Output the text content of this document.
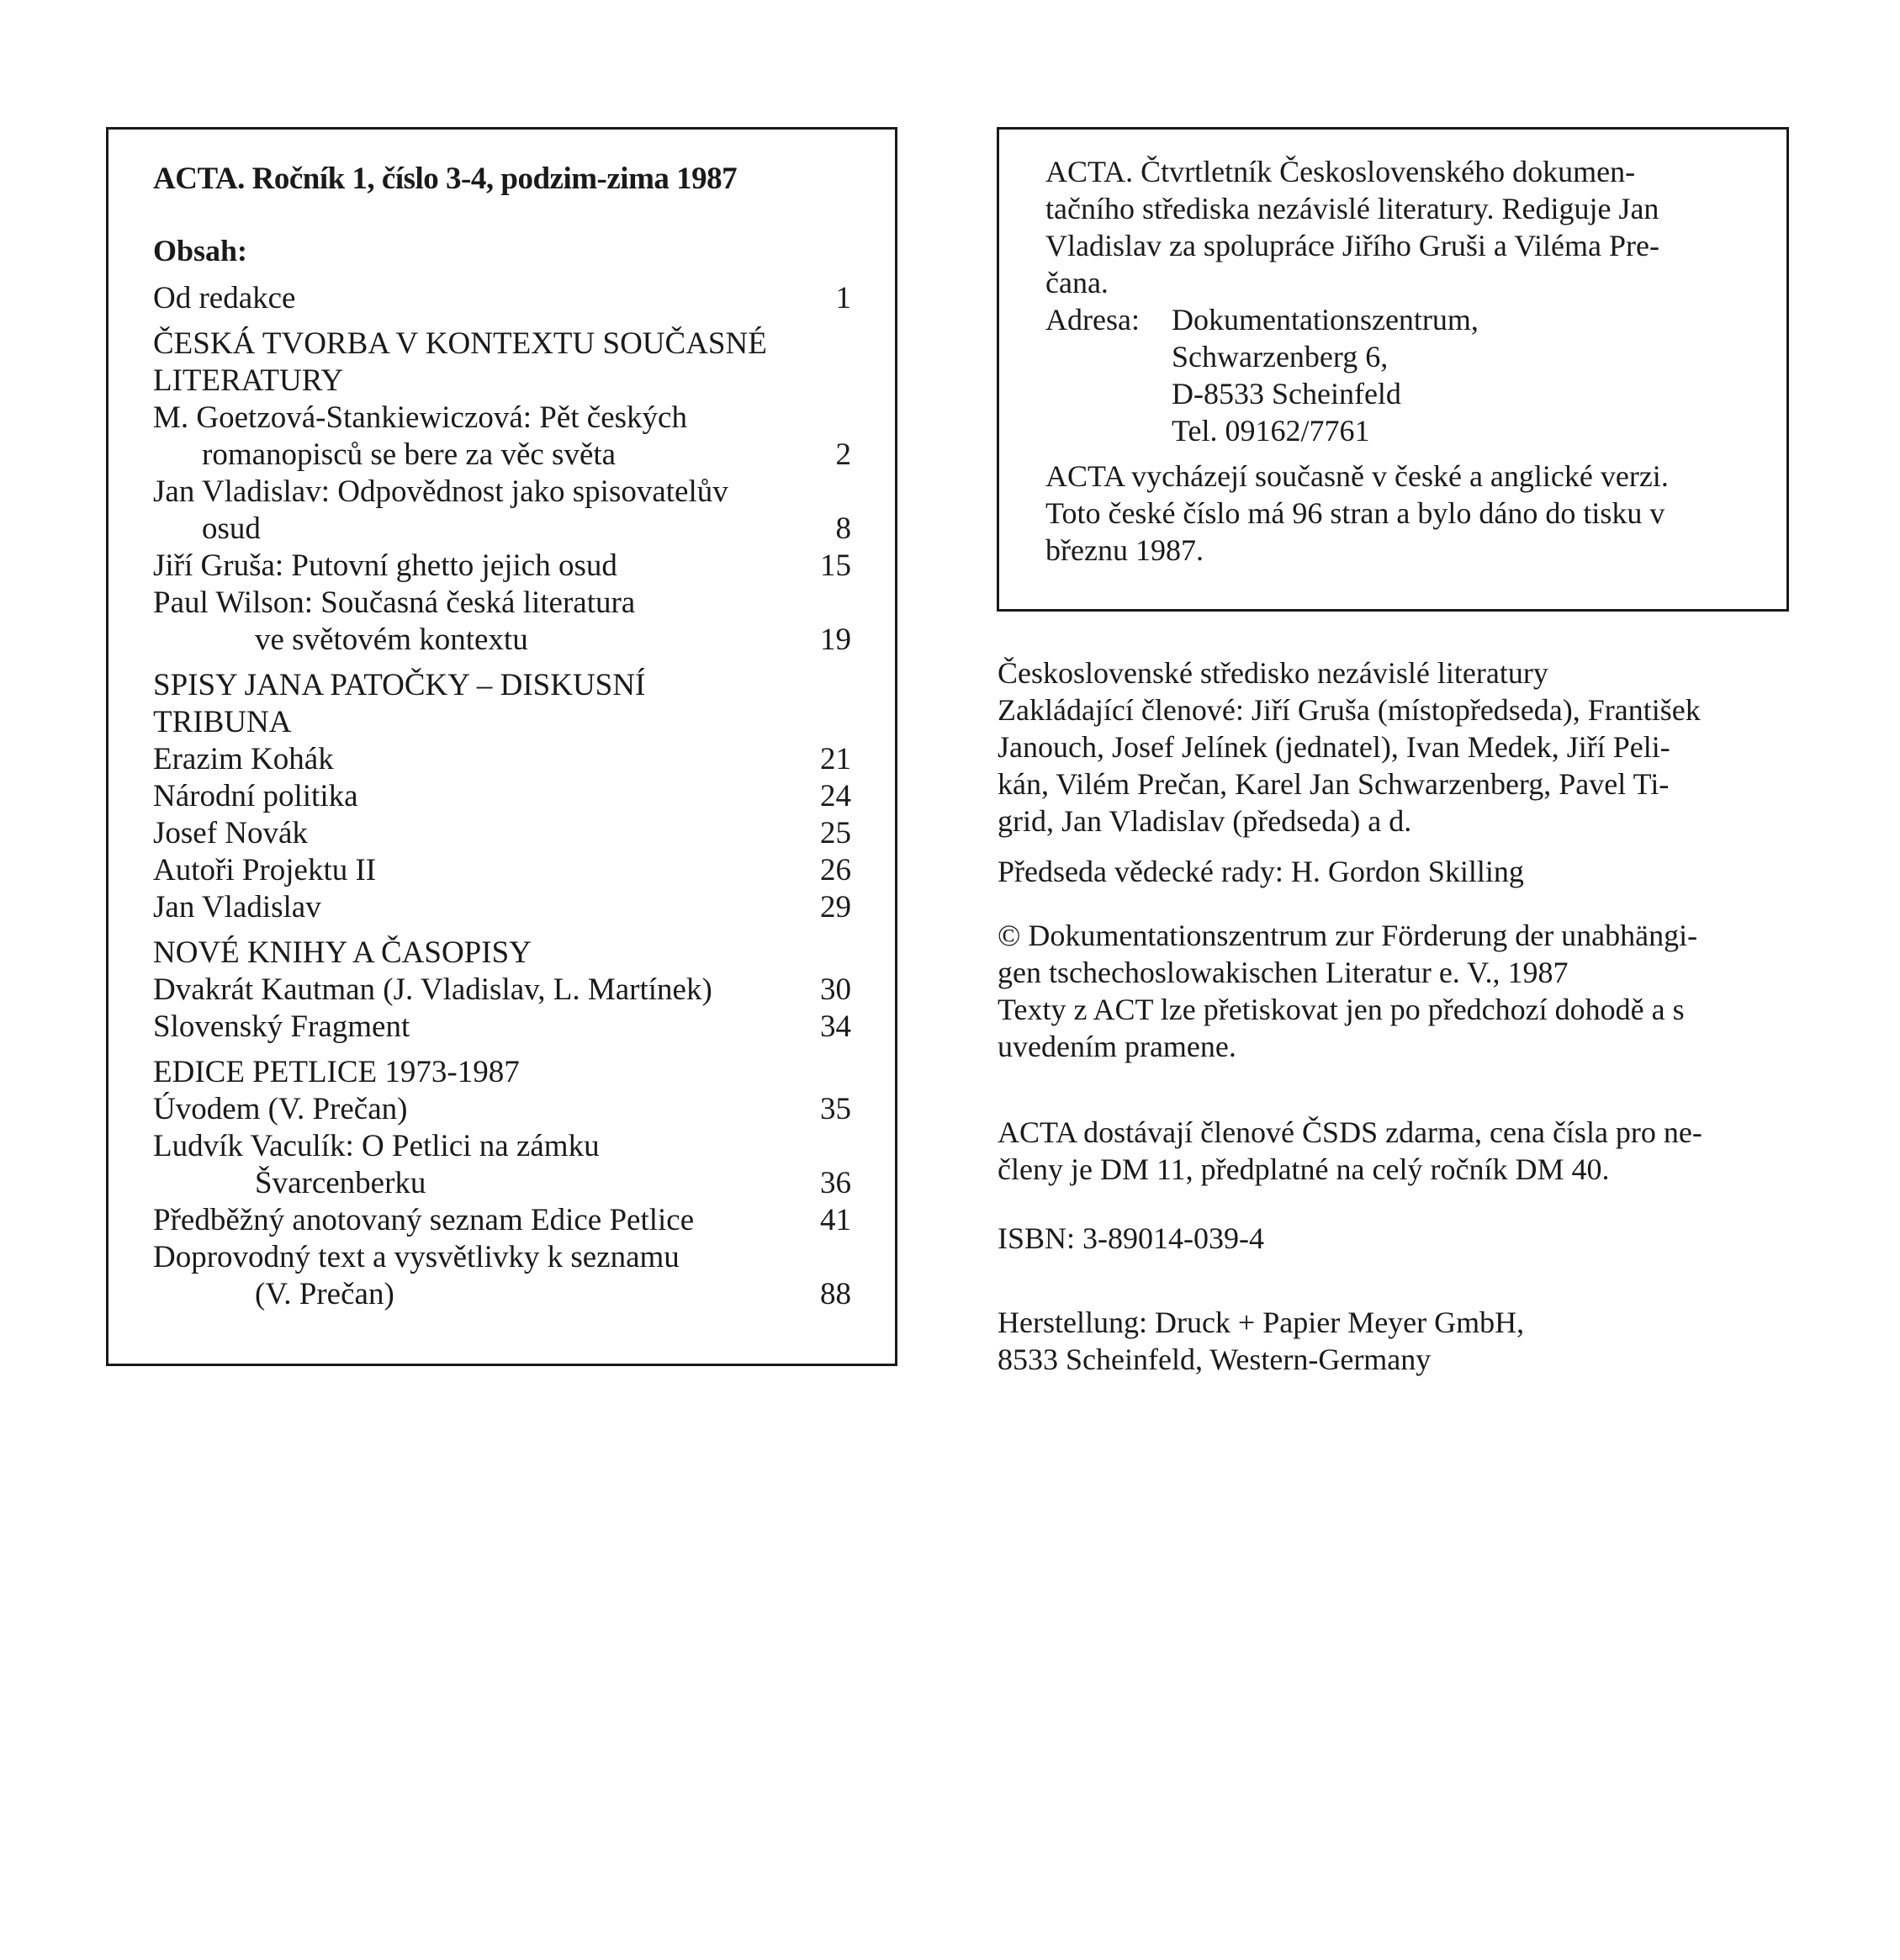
ACTA. Ročník 1, číslo 3-4, podzim-zima 1987
Obsah:
Od redakce	1
ČESKÁ TVORBA V KONTEXTU SOUČASNÉ
LITERATURY
M. Goetzová-Stankiewiczová: Pět českých
romanopisců se bere za věc světa	2
Jan Vladislav: Odpovědnost jako spisovatelův
osud	8
Jiří Gruša: Putovní ghetto jejich osud	15
Paul Wilson: Současná česká literatura
ve světovém kontextu	19
SPISY JANA PATOČKY – DISKUSNÍ
TRIBUNA
Erazim Kohák	21
Národní politika	24
Josef Novák	25
Autoři Projektu II	26
Jan Vladislav	29
NOVÉ KNIHY A ČASOPISY
Dvakrát Kautman (J. Vladislav, L. Martínek)	30
Slovenský Fragment	34
EDICE PETLICE 1973-1987
Úvodem (V. Prečan)	35
Ludvík Vaculík: O Petlici na zámku
Švarcenberku	36
Předběžný anotovaný seznam Edice Petlice	41
Doprovodný text a vysvětlivky k seznamu
(V. Prečan)	88

ACTA. Čtvrtletník Československého dokumen-

tačního střediska nezávislé literatury. Rediguje Jan

Vladislav za spolupráce Jiřího Gruši a Viléma Pre-

čana.

Adresa:	Dokumentationszentrum,

Schwarzenberg 6,

D-8533 Scheinfeld

Tel. 09162/7761

ACTA vycházejí současně v české a anglické verzi.

Toto české číslo má 96 stran a bylo dáno do tisku v

březnu 1987.

Československé středisko nezávislé literatury

Zakládající členové: Jiří Gruša (místopředseda), František

Janouch, Josef Jelínek (jednatel), Ivan Medek, Jiří Peli-

kán, Vilém Prečan, Karel Jan Schwarzenberg, Pavel Ti-

grid, Jan Vladislav (předseda) a d.

Předseda vědecké rady: H. Gordon Skilling

© Dokumentationszentrum zur Förderung der unabhängi-

gen tschechoslowakischen Literatur e. V., 1987

Texty z ACT lze přetiskovat jen po předchozí dohodě a s

uvedením pramene.

ACTA dostávají členové ČSDS zdarma, cena čísla pro ne-

členy je DM 11, předplatné na celý ročník DM 40.

ISBN: 3-89014-039-4

Herstellung: Druck + Papier Meyer GmbH,

8533 Scheinfeld, Western-Germany
